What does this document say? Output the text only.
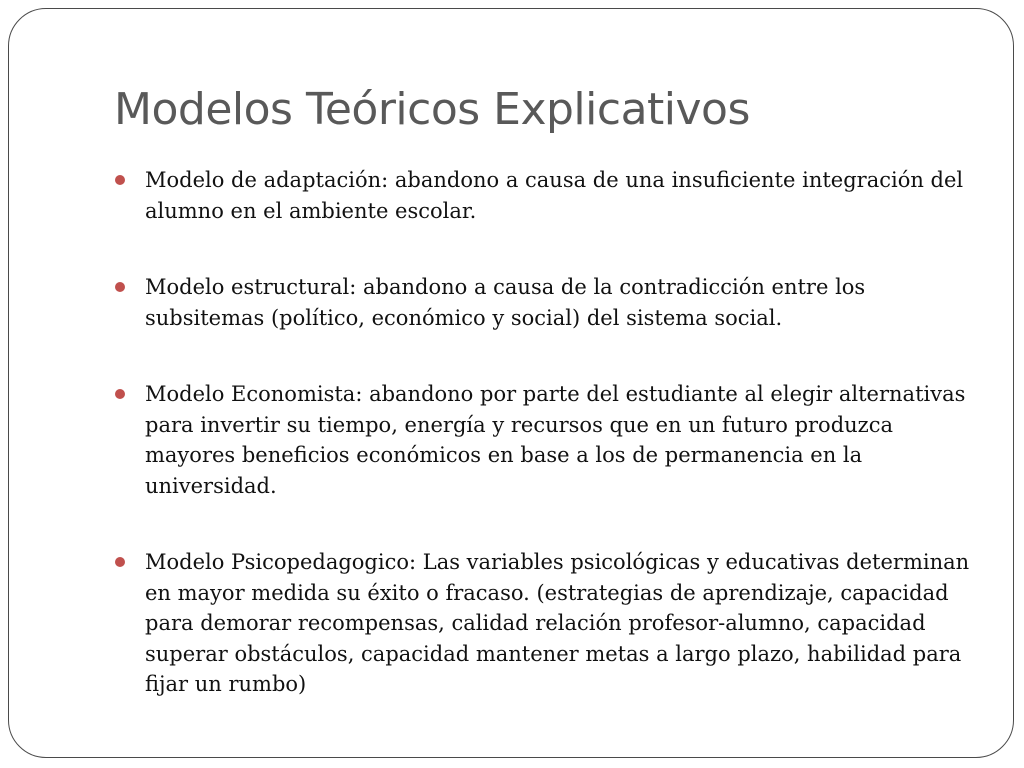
Modelos Teóricos Explicativos
Modelo de adaptación: abandono a causa de una insuficiente integración del alumno en el ambiente escolar.
Modelo estructural: abandono a causa de la contradicción entre los subsitemas (político, económico y social) del sistema social.
Modelo Economista: abandono por parte del estudiante al elegir alternativas para invertir su tiempo, energía y recursos que en un futuro produzca mayores beneficios económicos en base a los de permanencia en la universidad.
Modelo Psicopedagogico: Las variables psicológicas y educativas determinan en mayor medida su éxito o fracaso. (estrategias de aprendizaje, capacidad para demorar recompensas, calidad relación profesor-alumno, capacidad superar obstáculos, capacidad mantener metas a largo plazo, habilidad para fijar un rumbo)
